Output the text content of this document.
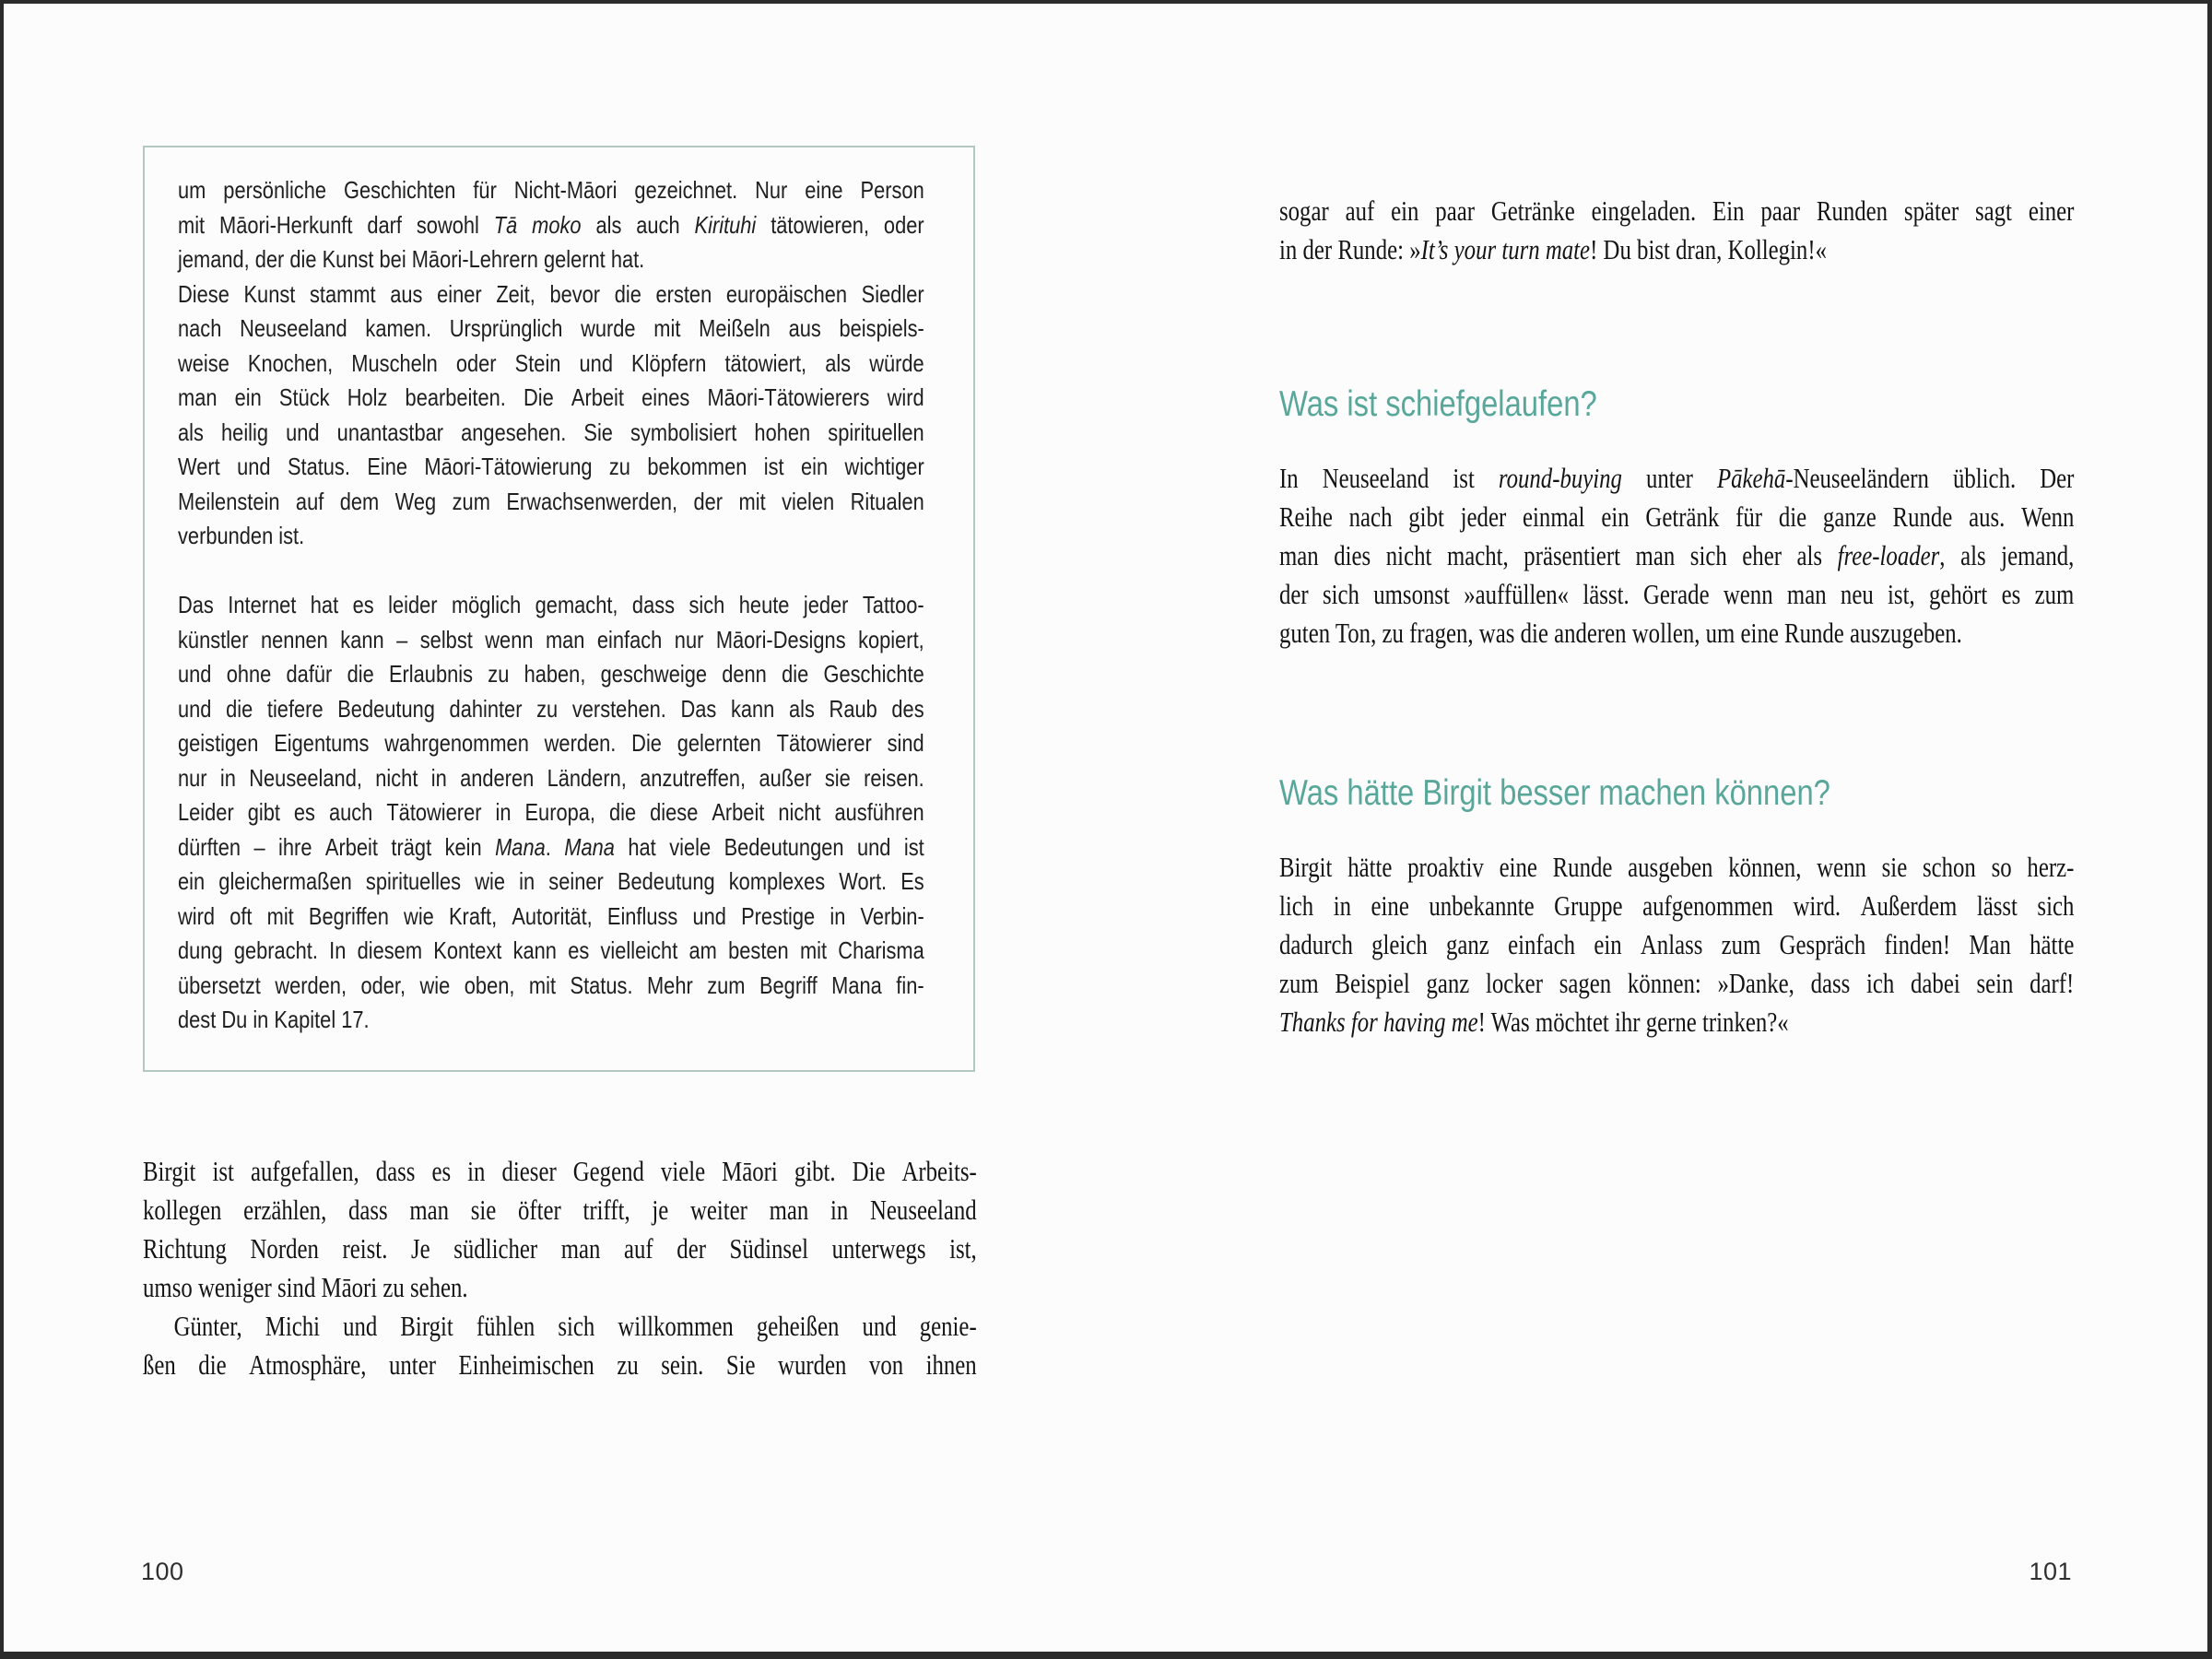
um persönliche Geschichten für Nicht-Māori gezeichnet. Nur eine Person
mit Māori-Herkunft darf sowohl Tā moko als auch Kirituhi tätowieren, oder
jemand, der die Kunst bei Māori-Lehrern gelernt hat.
Diese Kunst stammt aus einer Zeit, bevor die ersten europäischen Siedler
nach Neuseeland kamen. Ursprünglich wurde mit Meißeln aus beispiels-
weise Knochen, Muscheln oder Stein und Klöpfern tätowiert, als würde
man ein Stück Holz bearbeiten. Die Arbeit eines Māori-Tätowierers wird
als heilig und unantastbar angesehen. Sie symbolisiert hohen spirituellen
Wert und Status. Eine Māori-Tätowierung zu bekommen ist ein wichtiger
Meilenstein auf dem Weg zum Erwachsenwerden, der mit vielen Ritualen
verbunden ist.
Das Internet hat es leider möglich gemacht, dass sich heute jeder Tattoo-
künstler nennen kann – selbst wenn man einfach nur Māori-Designs kopiert,
und ohne dafür die Erlaubnis zu haben, geschweige denn die Geschichte
und die tiefere Bedeutung dahinter zu verstehen. Das kann als Raub des
geistigen Eigentums wahrgenommen werden. Die gelernten Tätowierer sind
nur in Neuseeland, nicht in anderen Ländern, anzutreffen, außer sie reisen.
Leider gibt es auch Tätowierer in Europa, die diese Arbeit nicht ausführen
dürften – ihre Arbeit trägt kein Mana. Mana hat viele Bedeutungen und ist
ein gleichermaßen spirituelles wie in seiner Bedeutung komplexes Wort. Es
wird oft mit Begriffen wie Kraft, Autorität, Einfluss und Prestige in Verbin-
dung gebracht. In diesem Kontext kann es vielleicht am besten mit Charisma
übersetzt werden, oder, wie oben, mit Status. Mehr zum Begriff Mana fin-
dest Du in Kapitel 17.
Birgit ist aufgefallen, dass es in dieser Gegend viele Māori gibt. Die Arbeits-
kollegen erzählen, dass man sie öfter trifft, je weiter man in Neuseeland
Richtung Norden reist. Je südlicher man auf der Südinsel unterwegs ist,
umso weniger sind Māori zu sehen.
Günter, Michi und Birgit fühlen sich willkommen geheißen und genie-
ßen die Atmosphäre, unter Einheimischen zu sein. Sie wurden von ihnen
100
sogar auf ein paar Getränke eingeladen. Ein paar Runden später sagt einer
in der Runde: »It’s your turn mate! Du bist dran, Kollegin!«
Was ist schiefgelaufen?
In Neuseeland ist round-buying unter Pākehā-Neuseeländern üblich. Der
Reihe nach gibt jeder einmal ein Getränk für die ganze Runde aus. Wenn
man dies nicht macht, präsentiert man sich eher als free-loader, als jemand,
der sich umsonst »auffüllen« lässt. Gerade wenn man neu ist, gehört es zum
guten Ton, zu fragen, was die anderen wollen, um eine Runde auszugeben.
Was hätte Birgit besser machen können?
Birgit hätte proaktiv eine Runde ausgeben können, wenn sie schon so herz-
lich in eine unbekannte Gruppe aufgenommen wird. Außerdem lässt sich
dadurch gleich ganz einfach ein Anlass zum Gespräch finden! Man hätte
zum Beispiel ganz locker sagen können: »Danke, dass ich dabei sein darf!
Thanks for having me! Was möchtet ihr gerne trinken?«
101
